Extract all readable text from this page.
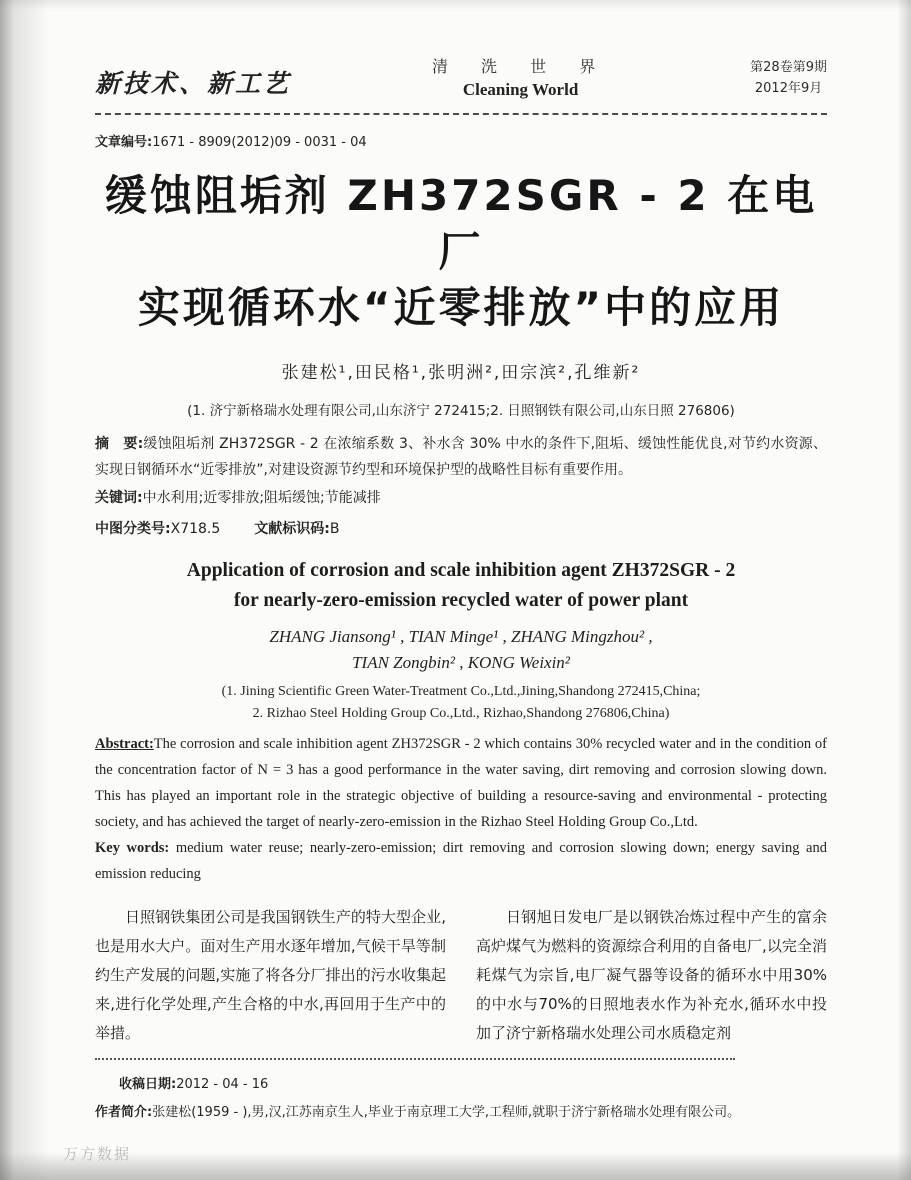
新技术、新工艺
清 洗 世 界
Cleaning World
第28卷第9期
2012年9月
文章编号:1671 - 8909(2012)09 - 0031 - 04
缓蚀阻垢剂 ZH372SGR - 2 在电厂
实现循环水“近零排放”中的应用
张建松¹,田民格¹,张明洲²,田宗滨²,孔维新²
(1. 济宁新格瑞水处理有限公司,山东济宁 272415;2. 日照钢铁有限公司,山东日照 276806)
摘　要:缓蚀阻垢剂 ZH372SGR - 2 在浓缩系数 3、补水含 30% 中水的条件下,阻垢、缓蚀性能优良,对节约水资源、实现日钢循环水“近零排放”,对建设资源节约型和环境保护型的战略性目标有重要作用。
关键词:中水利用;近零排放;阻垢缓蚀;节能减排
中图分类号:X718.5 文献标识码:B
Application of corrosion and scale inhibition agent ZH372SGR - 2
for nearly-zero-emission recycled water of power plant
ZHANG Jiansong¹ , TIAN Minge¹ , ZHANG Mingzhou² ,
TIAN Zongbin² , KONG Weixin²
(1. Jining Scientific Green Water-Treatment Co.,Ltd.,Jining,Shandong 272415,China;
2. Rizhao Steel Holding Group Co.,Ltd., Rizhao,Shandong 276806,China)
Abstract:The corrosion and scale inhibition agent ZH372SGR - 2 which contains 30% recycled water and in the condition of the concentration factor of N = 3 has a good performance in the water saving, dirt removing and corrosion slowing down. This has played an important role in the strategic objective of building a resource-saving and environmental - protecting society, and has achieved the target of nearly-zero-emission in the Rizhao Steel Holding Group Co.,Ltd.
Key words: medium water reuse; nearly-zero-emission; dirt removing and corrosion slowing down; energy saving and emission reducing

日照钢铁集团公司是我国钢铁生产的特大型企业,也是用水大户。面对生产用水逐年增加,气候干旱等制约生产发展的问题,实施了将各分厂排出的污水收集起来,进行化学处理,产生合格的中水,再回用于生产中的举措。

日钢旭日发电厂是以钢铁冶炼过程中产生的富余高炉煤气为燃料的资源综合利用的自备电厂,以完全消耗煤气为宗旨,电厂凝气器等设备的循环水中用30%的中水与70%的日照地表水作为补充水,循环水中投加了济宁新格瑞水处理公司水质稳定剂

收稿日期:2012 - 04 - 16
作者简介:张建松(1959 - ),男,汉,江苏南京生人,毕业于南京理工大学,工程师,就职于济宁新格瑞水处理有限公司。
万方数据
